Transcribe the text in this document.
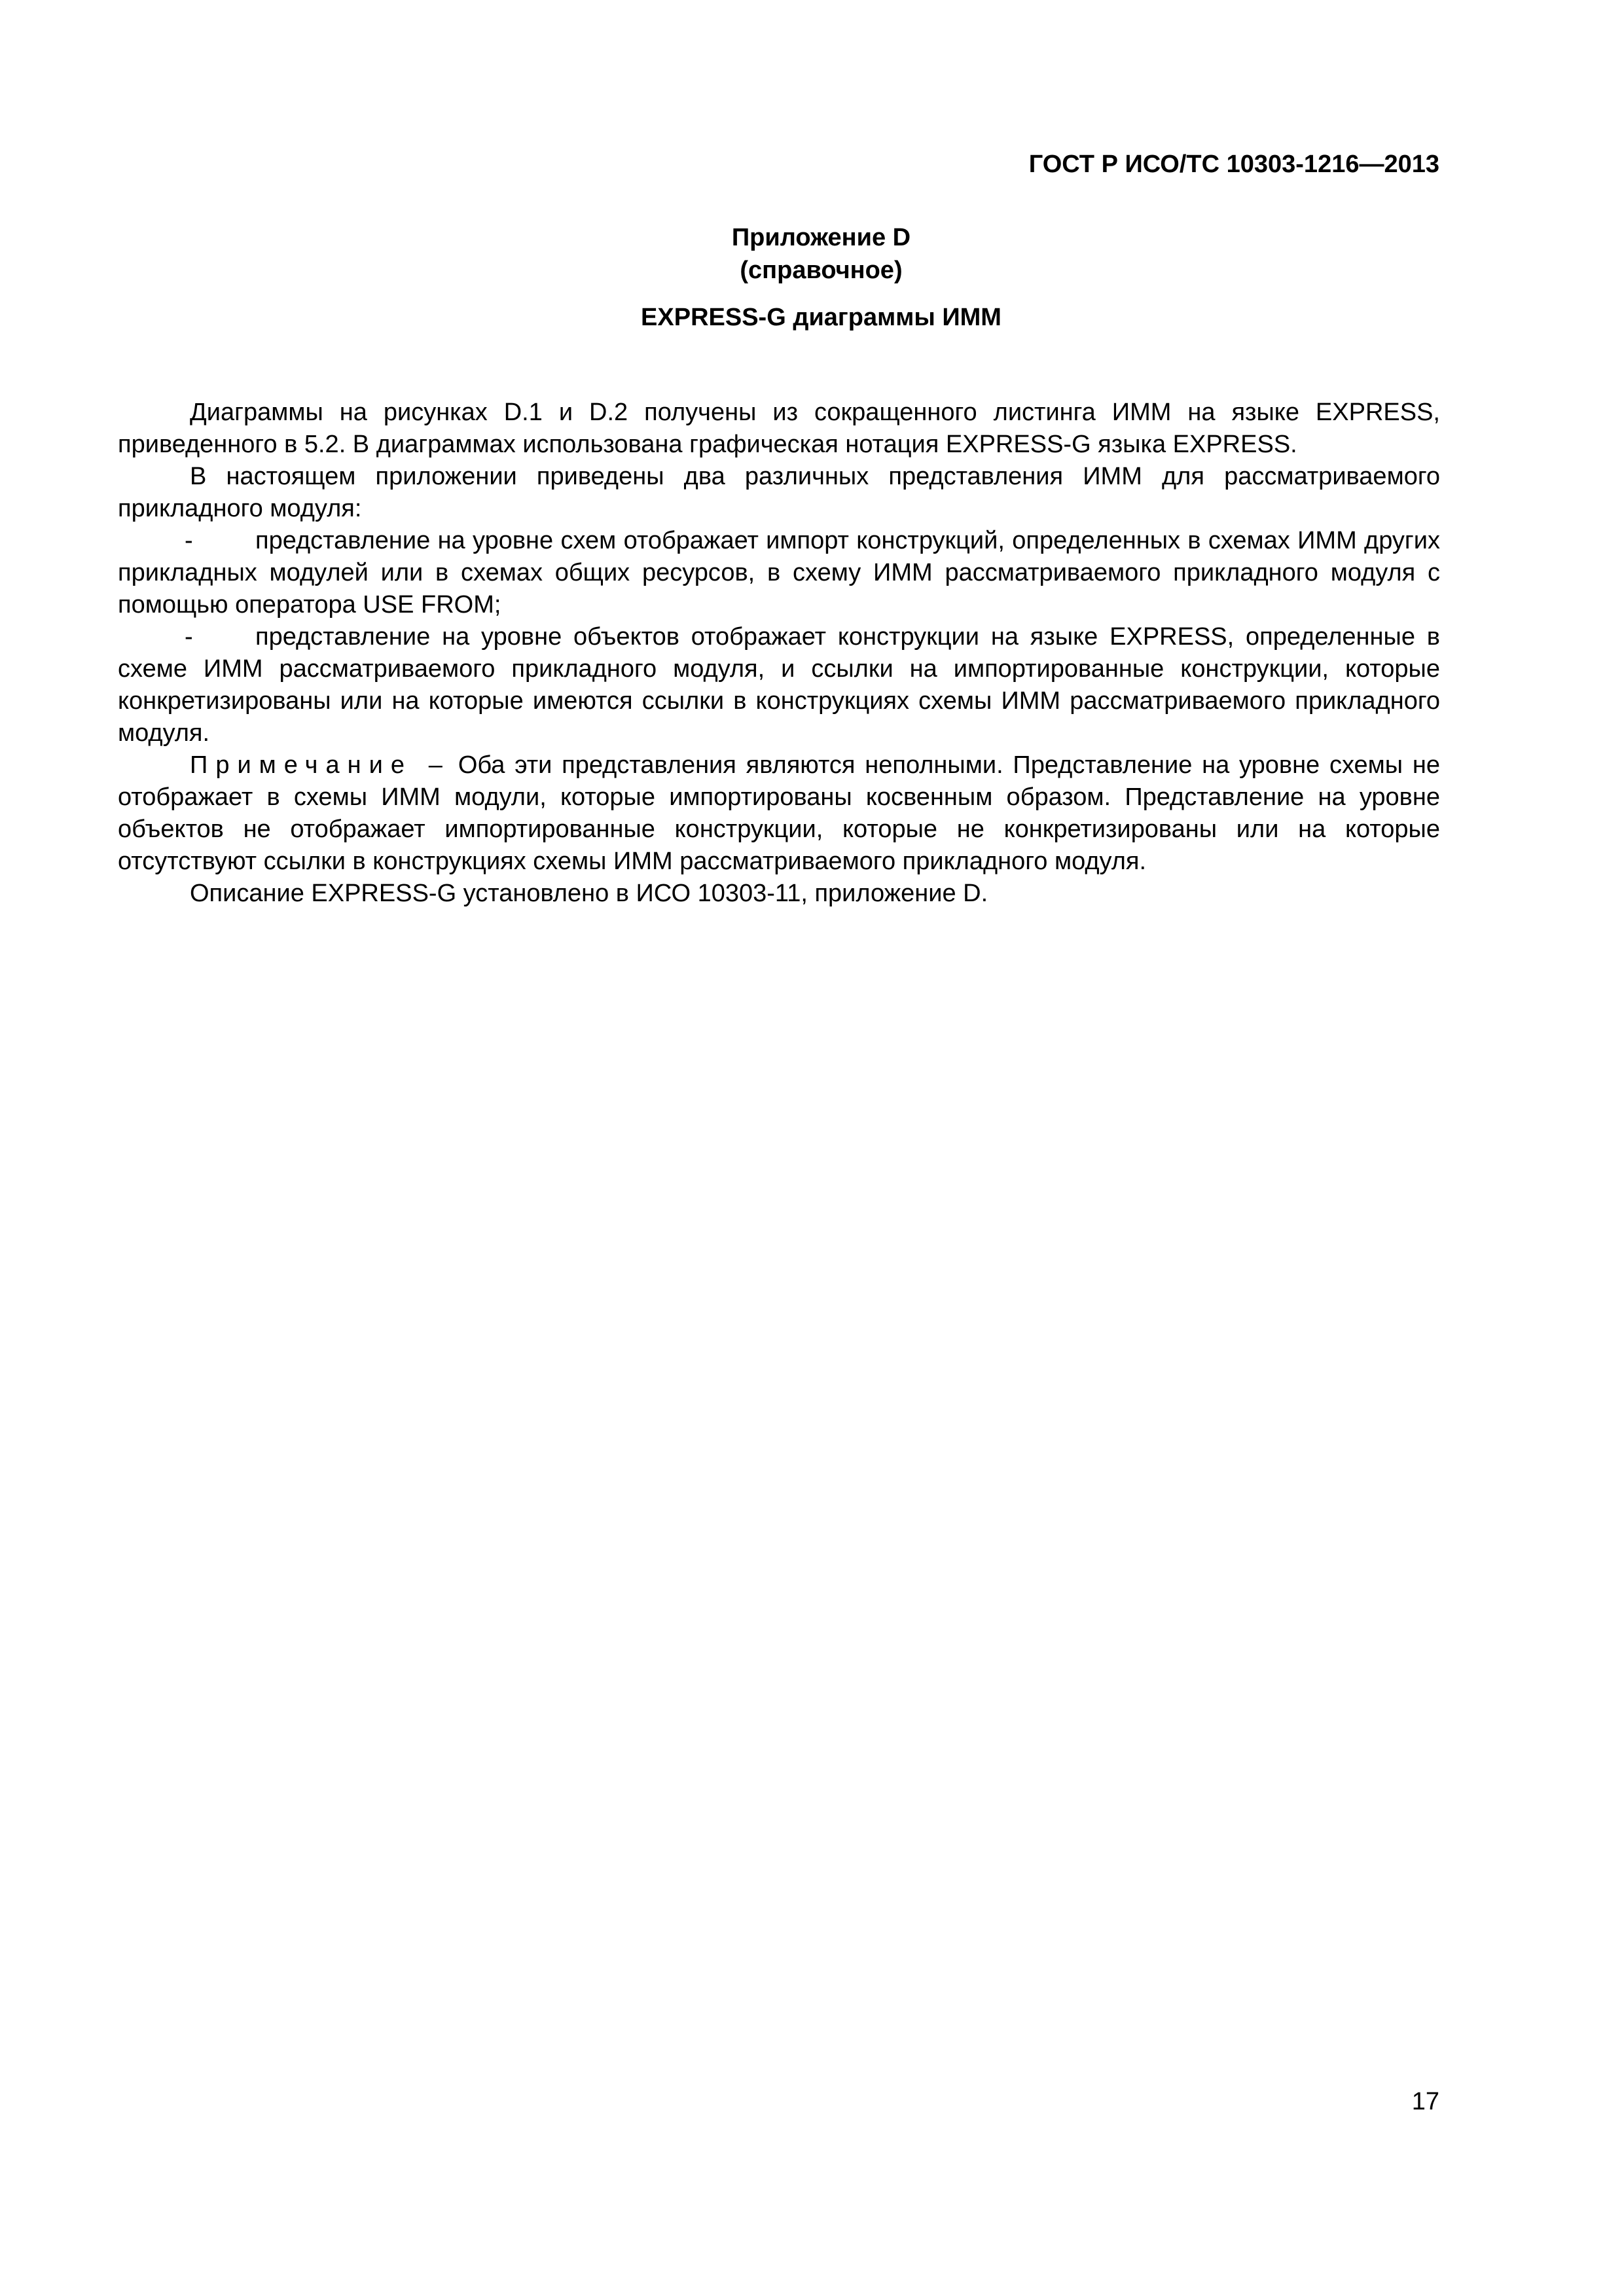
ГОСТ Р ИСО/ТС 10303-1216—2013
Приложение D
(справочное)
EXPRESS-G диаграммы ИММ

Диаграммы на рисунках D.1 и D.2 получены из сокращенного листинга ИММ на языке EXPRESS, приведенного в 5.2. В диаграммах использована графическая нотация EXPRESS-G языка EXPRESS.

В настоящем приложении приведены два различных представления ИММ для рассматриваемого прикладного модуля:

-	представление на уровне схем отображает импорт конструкций, определенных в схемах ИММ других прикладных модулей или в схемах общих ресурсов, в схему ИММ рассматриваемого прикладного модуля с помощью оператора USE FROM;

-	представление на уровне объектов отображает конструкции на языке EXPRESS, определенные в схеме ИММ рассматриваемого прикладного модуля, и ссылки на импортированные конструкции, которые конкретизированы или на которые имеются ссылки в конструкциях схемы ИММ рассматриваемого прикладного модуля.

Примечание – Оба эти представления являются неполными. Представление на уровне схемы не отображает в схемы ИММ модули, которые импортированы косвенным образом. Представление на уровне объектов не отображает импортированные конструкции, которые не конкретизированы или на которые отсутствуют ссылки в конструкциях схемы ИММ рассматриваемого прикладного модуля.

Описание EXPRESS-G установлено в ИСО 10303-11, приложение D.

17
